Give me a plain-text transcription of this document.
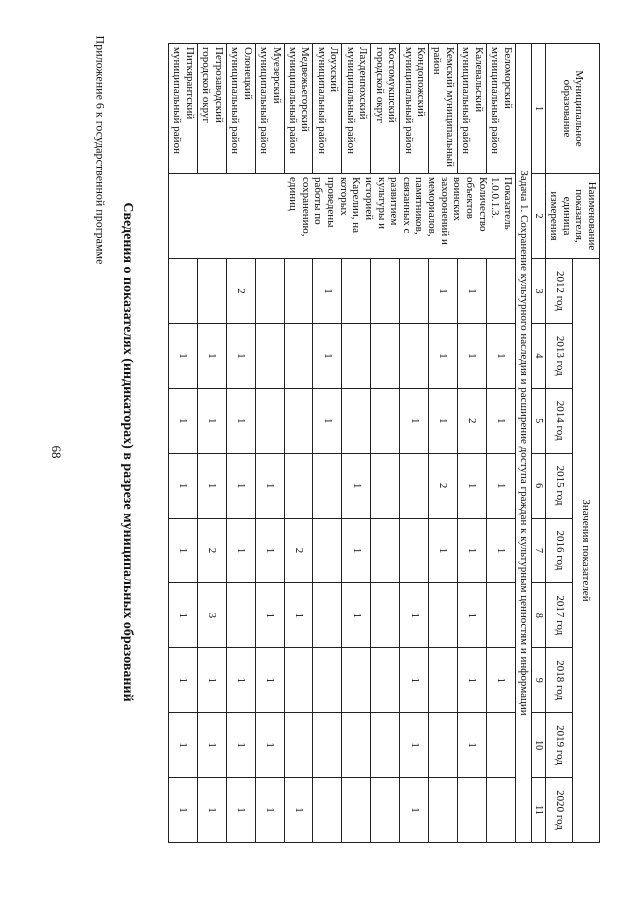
68
Приложение 6 к государственной программе
Сведения о показателях (индикаторах) в разрезе муниципальных образований
Муниципальное образование	Наименование показателя, единица измерения	Значения показателей								
		2012 год	2013 год	2014 год	2015 год	2016 год	2017 год	2018 год	2019 год	2020 год
1	2	3	4	5	6	7	8	9	10	11
Задача 1. Сохранение культурного наследия и расширение доступа граждан к культурным ценностям и информации										
Беломорский муниципальный район	Показатель 1.0.0.1.3. Количество объектов воинских захоронений и мемориалов, памятников, связанных с развитием культуры и историей Карелии, на которых проведены работы по сохранению, единиц		1	1	1	1		1		
Калевальский муниципальный район		1	1	2	1	1	1	1	1	
Кемский муниципальный район		1	1	1	2	1				
Кондопожский муниципальный район				1			1	1	1	1
Костомукшский городской округ										
Лахденпохский муниципальный район					1	1	1			
Лоухский муниципальный район		1	1	1						
Медвежьегорский муниципальный район						2	1			1
Муезерский муниципальный район					1	1	1	1	1	1
Олонецкий муниципальный район		2	1	1	1	1		1	1	1
Петрозаводский городской округ			1	1	1	2	3	1	1	1
Питкярантский муниципальный район			1	1	1	1	1	1	1	1
